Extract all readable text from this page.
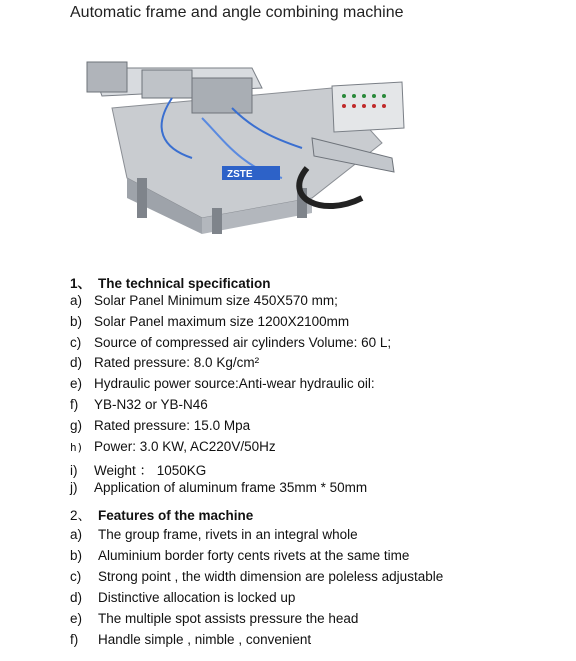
Automatic frame and angle combining machine
ZSTE
1、 The technical specification
a) Solar Panel Minimum size 450X570 mm;
b) Solar Panel maximum size 1200X2100mm
c) Source of compressed air cylinders Volume: 60 L;
d) Rated pressure: 8.0 Kg/cm²
e) Hydraulic power source:Anti-wear hydraulic oil:
f) YB-N32 or YB-N46
g) Rated pressure: 15.0 Mpa
h) Power: 3.0 KW, AC220V/50Hz
i) Weight ： 1050KG
j) Application of aluminum frame 35mm * 50mm
2、 Features of the machine
a) The group frame, rivets in an integral whole
b) Aluminium border forty cents rivets at the same time
c) Strong point , the width dimension are poleless adjustable
d) Distinctive allocation is locked up
e) The multiple spot assists pressure the head
f) Handle simple , nimble , convenient
